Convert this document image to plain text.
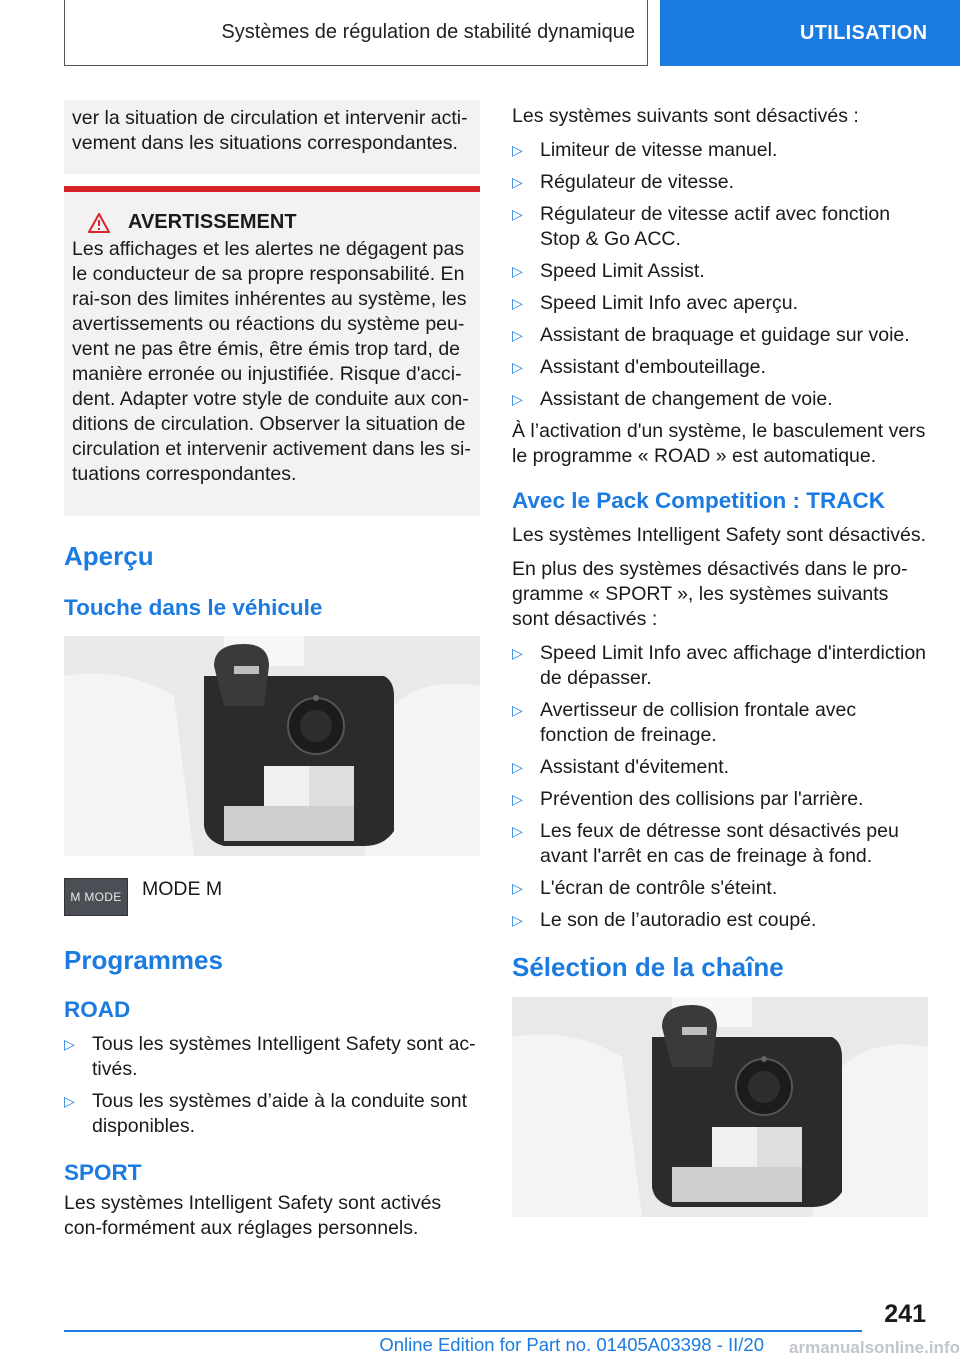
Systèmes de régulation de stabilité dynamique	UTILISATION
ver la situation de circulation et intervenir acti-vement dans les situations correspondantes.
AVERTISSEMENT
Les affichages et les alertes ne dégagent pas le conducteur de sa propre responsabilité. En rai-son des limites inhérentes au système, les avertissements ou réactions du système peu-vent ne pas être émis, être émis trop tard, de manière erronée ou injustifiée. Risque d'acci-dent. Adapter votre style de conduite aux con-ditions de circulation. Observer la situation de circulation et intervenir activement dans les si-tuations correspondantes.
Aperçu
Touche dans le véhicule
M MODE MODE M
Programmes
ROAD
▷ Tous les systèmes Intelligent Safety sont ac-tivés.
▷ Tous les systèmes d’aide à la conduite sont disponibles.
SPORT

Les systèmes Intelligent Safety sont activés con-formément aux réglages personnels.

Les systèmes suivants sont désactivés :

▷ Limiteur de vitesse manuel.
▷ Régulateur de vitesse.
▷ Régulateur de vitesse actif avec fonction Stop & Go ACC.
▷ Speed Limit Assist.
▷ Speed Limit Info avec aperçu.
▷ Assistant de braquage et guidage sur voie.
▷ Assistant d'embouteillage.
▷ Assistant de changement de voie.

À l’activation d'un système, le basculement vers le programme « ROAD » est automatique.

Avec le Pack Competition : TRACK

Les systèmes Intelligent Safety sont désactivés.

En plus des systèmes désactivés dans le pro-gramme « SPORT », les systèmes suivants sont désactivés :

▷ Speed Limit Info avec affichage d'interdiction de dépasser.
▷ Avertisseur de collision frontale avec fonction de freinage.
▷ Assistant d'évitement.
▷ Prévention des collisions par l'arrière.
▷ Les feux de détresse sont désactivés peu avant l'arrêt en cas de freinage à fond.
▷ L'écran de contrôle s'éteint.
▷ Le son de l’autoradio est coupé.
Sélection de la chaîne
241
Online Edition for Part no. 01405A03398 - II/20	armanualsonline.info
